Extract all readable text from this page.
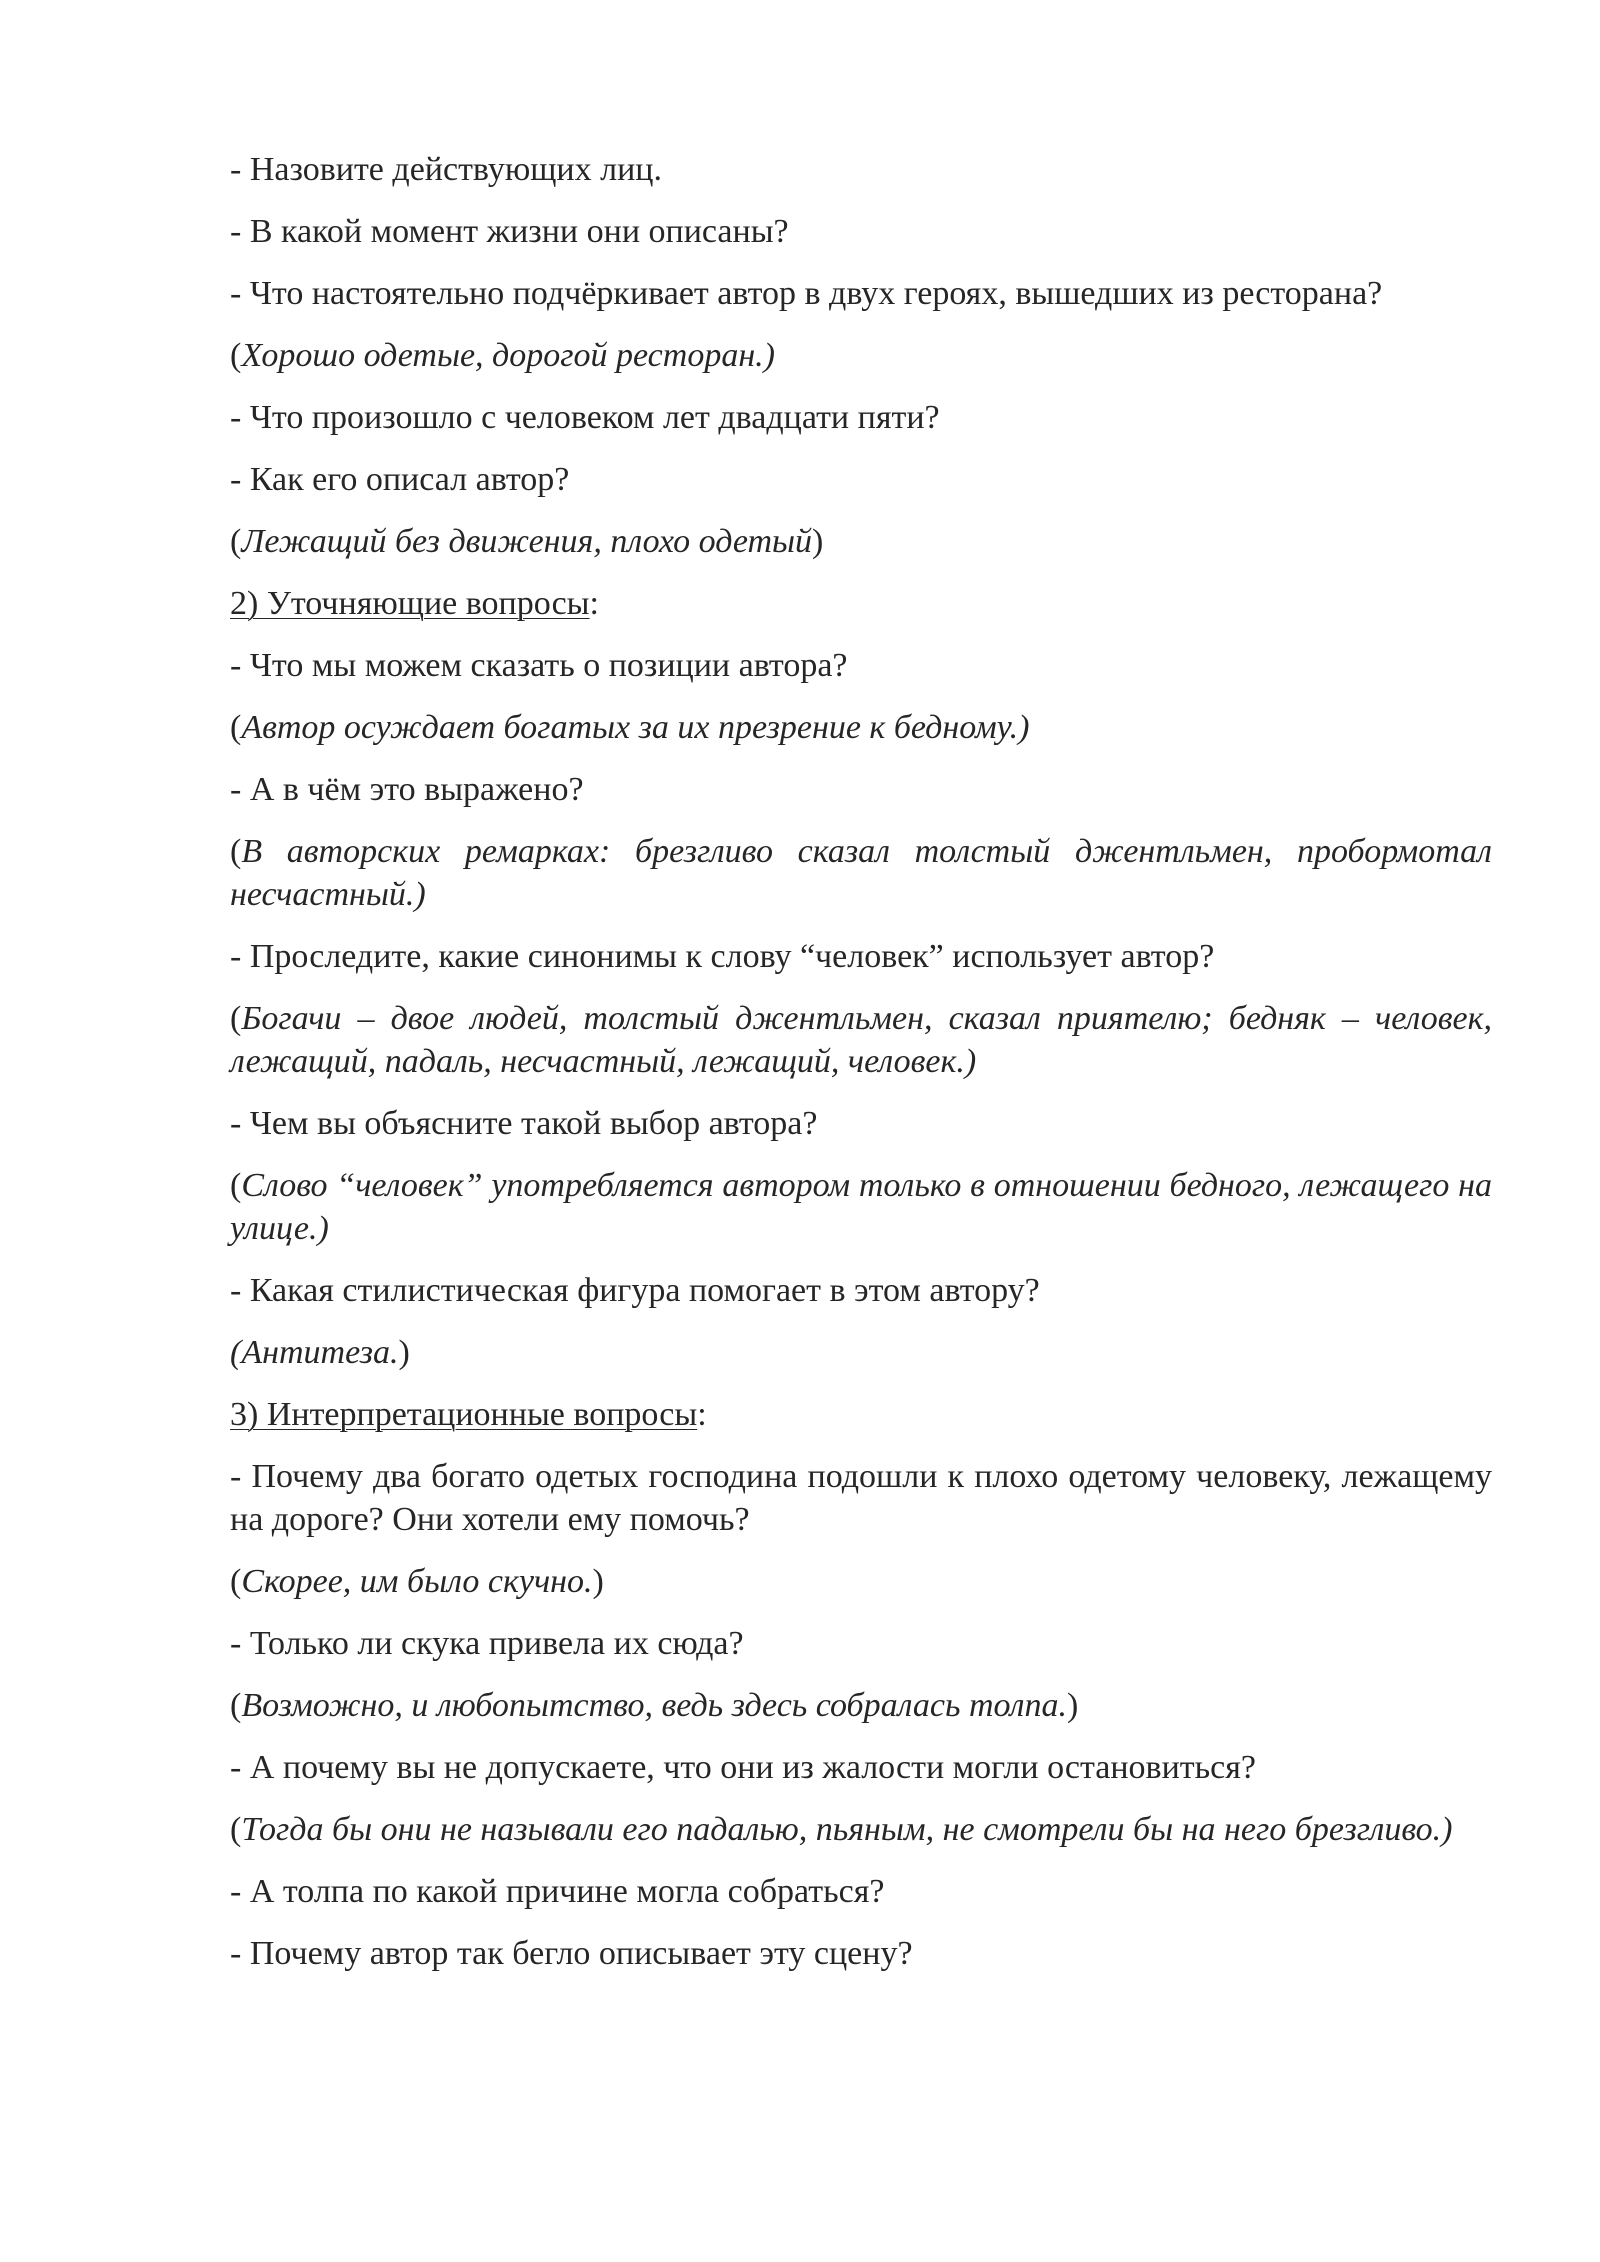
- Назовите действующих лиц.

- В какой момент жизни они описаны?

- Что настоятельно подчёркивает автор в двух героях, вышедших из ресторана?

(Хорошо одетые, дорогой ресторан.)

- Что произошло с человеком лет двадцати пяти?

- Как его описал автор?

(Лежащий без движения, плохо одетый)

2) Уточняющие вопросы:

- Что мы можем сказать о позиции автора?

(Автор осуждает богатых за их презрение к бедному.)

- А в чём это выражено?

(В авторских ремарках: брезгливо сказал толстый джентльмен, пробормотал несчастный.)

- Проследите, какие синонимы к слову “человек” использует автор?

(Богачи – двое людей, толстый джентльмен, сказал приятелю; бедняк – человек, лежащий, падаль, несчастный, лежащий, человек.)

- Чем вы объясните такой выбор автора?

(Слово “человек” употребляется автором только в отношении бедного, лежащего на улице.)

- Какая стилистическая фигура помогает в этом автору?

(Антитеза.)

3) Интерпретационные вопросы:

- Почему два богато одетых господина подошли к плохо одетому человеку, лежащему на дороге? Они хотели ему помочь?

(Скорее, им было скучно.)

- Только ли скука привела их сюда?

(Возможно, и любопытство, ведь здесь собралась толпа.)

- А почему вы не допускаете, что они из жалости могли остановиться?

(Тогда бы они не называли его падалью, пьяным, не смотрели бы на него брезгливо.)

- А толпа по какой причине могла собраться?

- Почему автор так бегло описывает эту сцену?
